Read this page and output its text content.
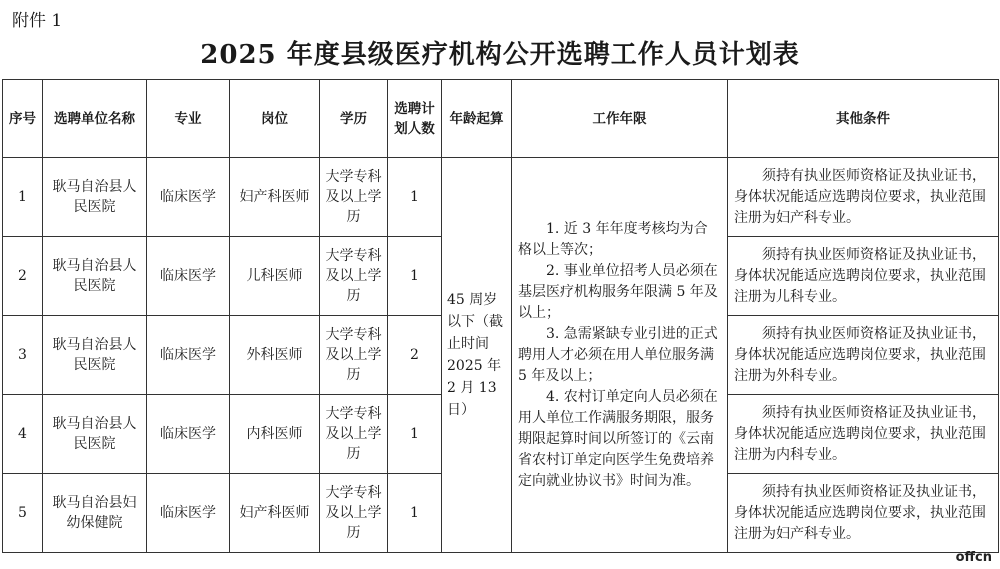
附件 1
2025 年度县级医疗机构公开选聘工作人员计划表
序号	选聘单位名称	专业	岗位	学历	选聘计划人数	年龄起算	工作年限	其他条件
1	耿马自治县人民医院	临床医学	妇产科医师	大学专科及以上学历	1	45 周岁以下（截止时间 2025 年 2 月 13 日）	1. 近 3 年年度考核均为合格以上等次；

2. 事业单位招考人员必须在基层医疗机构服务年限满 5 年及以上；

3. 急需紧缺专业引进的正式聘用人才必须在用人单位服务满 5 年及以上；

4. 农村订单定向人员必须在用人单位工作满服务期限，服务期限起算时间以所签订的《云南省农村订单定向医学生免费培养定向就业协议书》时间为准。	须持有执业医师资格证及执业证书，身体状况能适应选聘岗位要求，执业范围注册为妇产科专业。

2	耿马自治县人民医院	临床医学	儿科医师	大学专科及以上学历	1			须持有执业医师资格证及执业证书，身体状况能适应选聘岗位要求，执业范围注册为儿科专业。

3	耿马自治县人民医院	临床医学	外科医师	大学专科及以上学历	2			须持有执业医师资格证及执业证书，身体状况能适应选聘岗位要求，执业范围注册为外科专业。

4	耿马自治县人民医院	临床医学	内科医师	大学专科及以上学历	1			须持有执业医师资格证及执业证书，身体状况能适应选聘岗位要求，执业范围注册为内科专业。

5	耿马自治县妇幼保健院	临床医学	妇产科医师	大学专科及以上学历	1			须持有执业医师资格证及执业证书，身体状况能适应选聘岗位要求，执业范围注册为妇产科专业。
offcn
